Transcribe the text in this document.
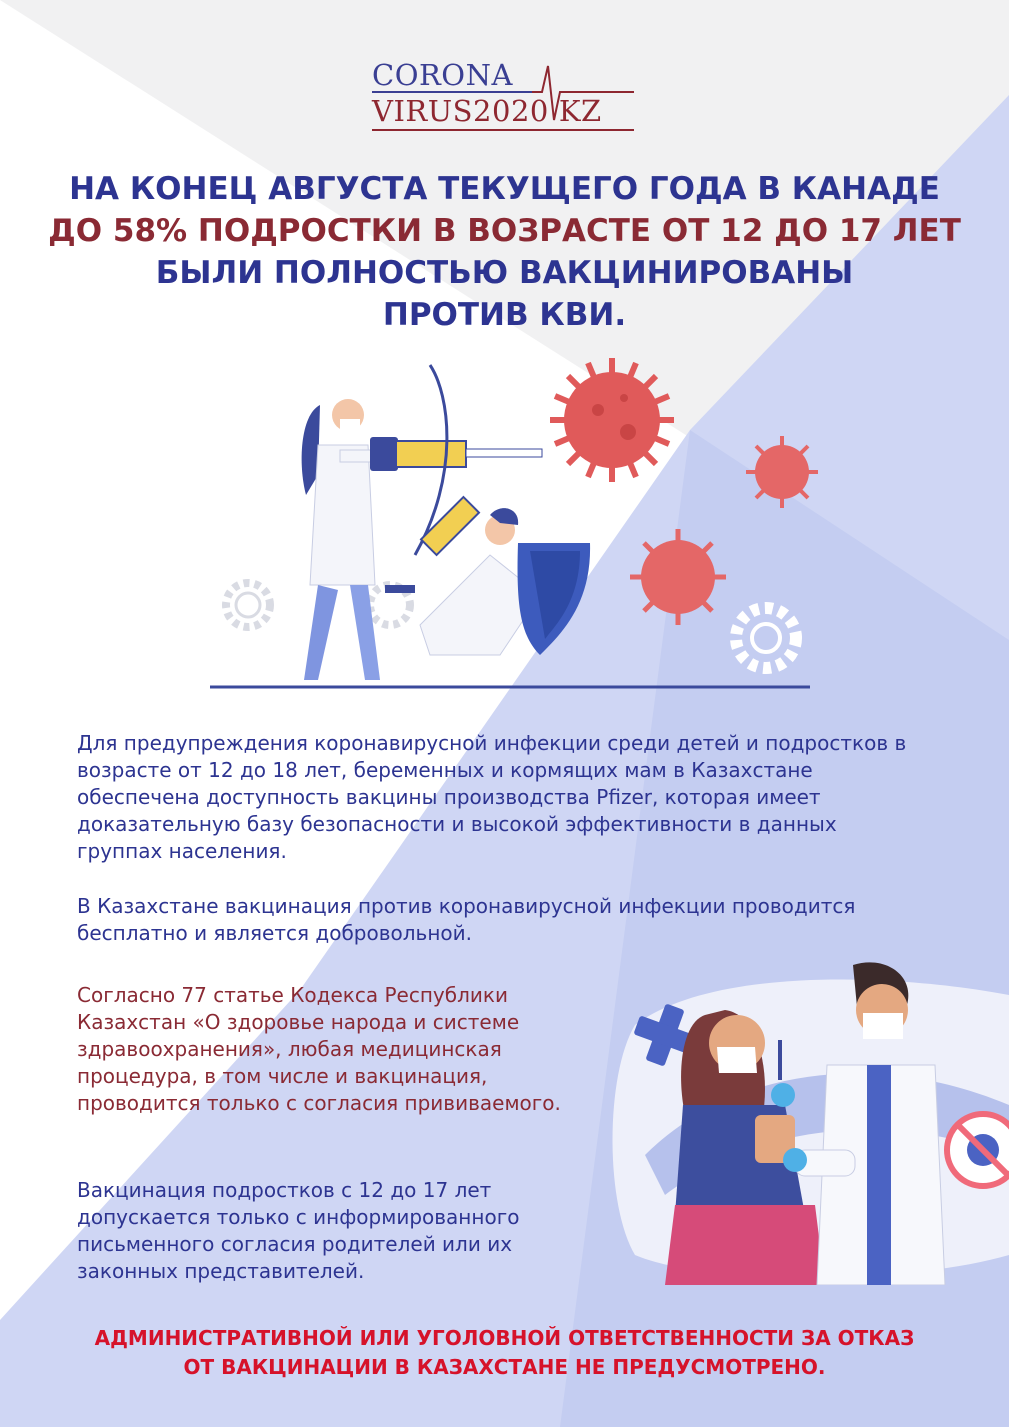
CORONA
VIRUS2020 KZ
НА КОНЕЦ АВГУСТА ТЕКУЩЕГО ГОДА В КАНАДЕ
ДО 58% ПОДРОСТКИ В ВОЗРАСТЕ ОТ 12 ДО 17 ЛЕТ
БЫЛИ ПОЛНОСТЬЮ ВАКЦИНИРОВАНЫ
ПРОТИВ КВИ.

Для предупреждения коронавирусной инфекции среди детей и подростков в возрасте от 12 до 18 лет, беременных и кормящих мам в Казахстане обеспечена доступность вакцины производства Pfizer, которая имеет доказательную базу безопасности и высокой эффективности в данных группах населения.

В Казахстане вакцинация против коронавирусной инфекции проводится бесплатно и является добровольной.

Согласно 77 статье Кодекса Республики Казахстан «О здоровье народа и системе здравоохранения», любая медицинская процедура, в том числе и вакцинация, проводится только с согласия прививаемого.

Вакцинация подростков с 12 до 17 лет допускается только с информированного письменного согласия родителей или их законных представителей.

АДМИНИСТРАТИВНОЙ ИЛИ УГОЛОВНОЙ ОТВЕТСТВЕННОСТИ ЗА ОТКАЗ
ОТ ВАКЦИНАЦИИ В КАЗАХСТАНЕ НЕ ПРЕДУСМОТРЕНО.
